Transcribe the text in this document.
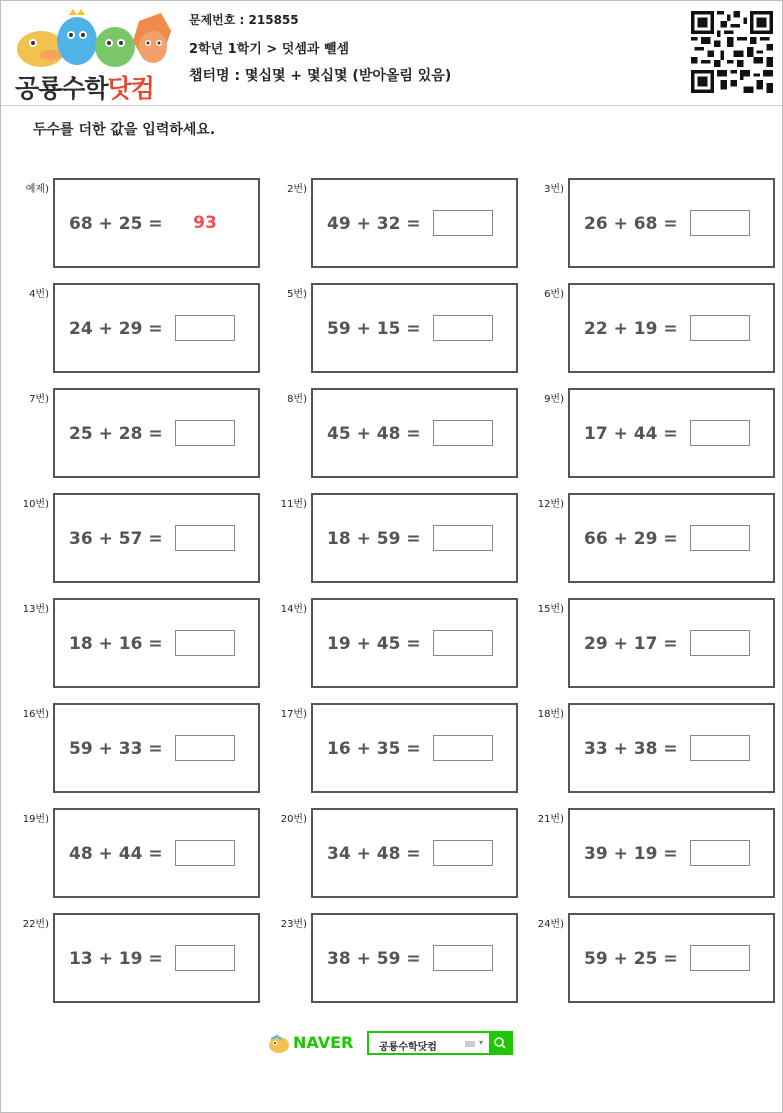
공룡수학닷컴
문제번호 : 215855
2학년 1학기 > 덧셈과 뺄셈
챕터명 : 몇십몇 + 몇십몇 (받아올림 있음)
두수를 더한 값을 입력하세요.
예제)
68 + 25 =	93
2번)
49 + 32 =
3번)
26 + 68 =
4번)
24 + 29 =
5번)
59 + 15 =
6번)
22 + 19 =
7번)
25 + 28 =
8번)
45 + 48 =
9번)
17 + 44 =
10번)
36 + 57 =
11번)
18 + 59 =
12번)
66 + 29 =
13번)
18 + 16 =
14번)
19 + 45 =
15번)
29 + 17 =
16번)
59 + 33 =
17번)
16 + 35 =
18번)
33 + 38 =
19번)
48 + 44 =
20번)
34 + 48 =
21번)
39 + 19 =
22번)
13 + 19 =
23번)
38 + 59 =
24번)
59 + 25 =
NAVER	공룡수학닷컴	▾
